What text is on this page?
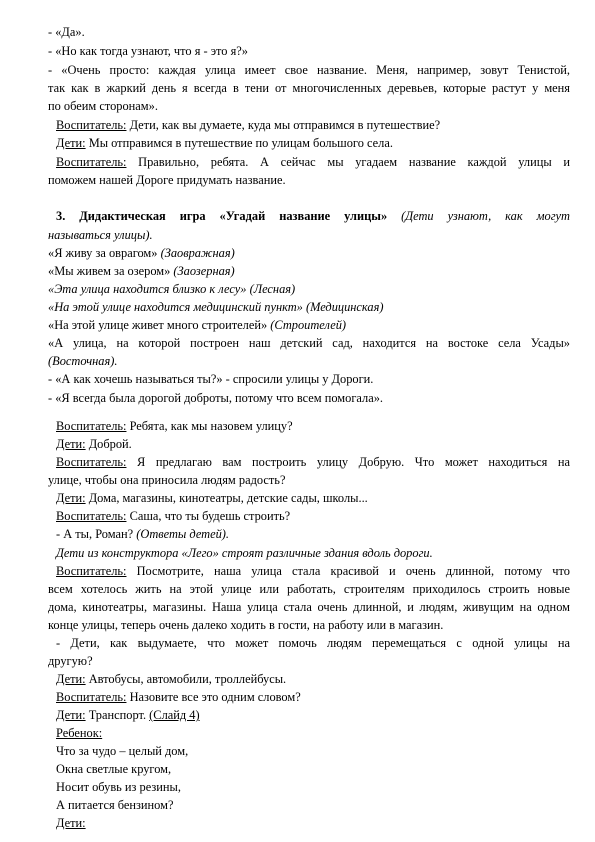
- «Да».
- «Но как тогда узнают, что я - это я?»
- «Очень просто: каждая улица имеет свое название. Меня, например, зовут Тенистой,
так как в жаркий день я всегда в тени от многочисленных деревьев, которые растут у меня
по обеим сторонам».
Воспитатель: Дети, как вы думаете, куда мы отправимся в путешествие?
Дети: Мы отправимся в путешествие по улицам большого села.
Воспитатель: Правильно, ребята. А сейчас мы угадаем название каждой улицы и
поможем нашей Дороге придумать название.
3. Дидактическая игра «Угадай название улицы» (Дети узнают, как могут
называться улицы).
«Я живу за оврагом» (Заовражная)
«Мы живем за озером» (Заозерная)
«Эта улица находится близко к лесу» (Лесная)
«На этой улице находится медицинский пункт» (Медицинская)
«На этой улице живет много строителей» (Строителей)
«А улица, на которой построен наш детский сад, находится на востоке села Усады»
(Восточная).
- «А как хочешь называться ты?» - спросили улицы у Дороги.
- «Я всегда была дорогой доброты, потому что всем помогала».
Воспитатель: Ребята, как мы назовем улицу?
Дети: Доброй.
Воспитатель: Я предлагаю вам построить улицу Добрую. Что может находиться на
улице, чтобы она приносила людям радость?
Дети: Дома, магазины, кинотеатры, детские сады, школы...
Воспитатель: Саша, что ты будешь строить?
- А ты, Роман? (Ответы детей).
Дети из конструктора «Лего» строят различные здания вдоль дороги.
Воспитатель: Посмотрите, наша улица стала красивой и очень длинной, потому что
всем хотелось жить на этой улице или работать, строителям приходилось строить новые
дома, кинотеатры, магазины. Наша улица стала очень длинной, и людям, живущим на одном
конце улицы, теперь очень далеко ходить в гости, на работу или в магазин.
- Дети, как выдумаете, что может помочь людям перемещаться с одной улицы на
другую?
Дети: Автобусы, автомобили, троллейбусы.
Воспитатель: Назовите все это одним словом?
Дети: Транспорт. (Слайд 4)
Ребенок:
Что за чудо – целый дом,
Окна светлые кругом,
Носит обувь из резины,
А питается бензином?
Дети:
